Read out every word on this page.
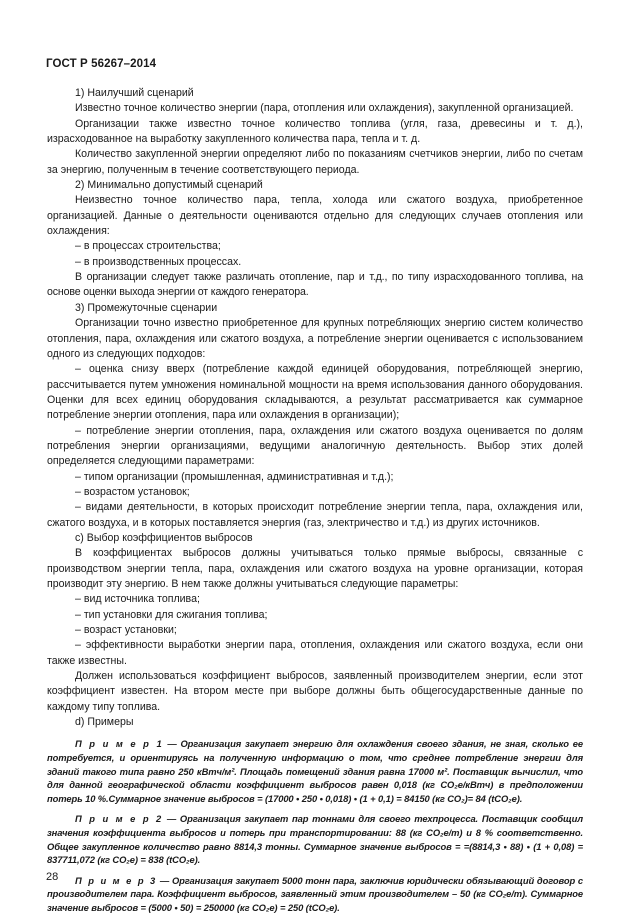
ГОСТ Р 56267–2014

1) Наилучший сценарий

Известно точное количество энергии (пара, отопления или охлаждения), закупленной организацией.

Организации также известно точное количество топлива (угля, газа, древесины и т. д.), израсходованное на выработку закупленного количества пара, тепла и т. д.

Количество закупленной энергии определяют либо по показаниям счетчиков энергии, либо по счетам за энергию, полученным в течение соответствующего периода.

2) Минимально допустимый сценарий

Неизвестно точное количество пара, тепла, холода или сжатого воздуха, приобретенное организацией. Данные о деятельности оцениваются отдельно для следующих случаев отопления или охлаждения:

– в процессах строительства;

– в производственных процессах.

В организации следует также различать отопление, пар и т.д., по типу израсходованного топлива, на основе оценки выхода энергии от каждого генератора.

3) Промежуточные сценарии

Организации точно известно приобретенное для крупных потребляющих энергию систем количество отопления, пара, охлаждения или сжатого воздуха, а потребление энергии оценивается с использованием одного из следующих подходов:

– оценка снизу вверх (потребление каждой единицей оборудования, потребляющей энергию, рассчитывается путем умножения номинальной мощности на время использования данного оборудования. Оценки для всех единиц оборудования складываются, а результат рассматривается как суммарное потребление энергии отопления, пара или охлаждения в организации);

– потребление энергии отопления, пара, охлаждения или сжатого воздуха оценивается по долям потребления энергии организациями, ведущими аналогичную деятельность. Выбор этих долей определяется следующими параметрами:

– типом организации (промышленная, административная и т.д.);

– возрастом установок;

– видами деятельности, в которых происходит потребление энергии тепла, пара, охлаждения или, сжатого воздуха, и в которых поставляется энергия (газ, электричество и т.д.) из других источников.

c) Выбор коэффициентов выбросов

В коэффициентах выбросов должны учитываться только прямые выбросы, связанные с производством энергии тепла, пара, охлаждения или сжатого воздуха на уровне организации, которая производит эту энергию. В нем также должны учитываться следующие параметры:

– вид источника топлива;

– тип установки для сжигания топлива;

– возраст установки;

– эффективности выработки энергии пара, отопления, охлаждения или сжатого воздуха, если они также известны.

Должен использоваться коэффициент выбросов, заявленный производителем энергии, если этот коэффициент известен. На втором месте при выборе должны быть общегосударственные данные по каждому типу топлива.

d) Примеры

П р и м е р 1 — Организация закупает энергию для охлаждения своего здания, не зная, сколько ее потребуется, и ориентируясь на полученную информацию о том, что среднее потребление энергии для зданий такого типа равно 250 кВтч/м². Площадь помещений здания равна 17000 м². Поставщик вычислил, что для данной географической области коэффициент выбросов равен 0,018 (кг CO₂е/кВтч) в предположении потерь 10 %.Суммарное значение выбросов = (17000 • 250 • 0,018) • (1 + 0,1) = 84150 (кг CO₂)= 84 (tCO₂е).

П р и м е р 2 — Организация закупает пар тоннами для своего техпроцесса. Поставщик сообщил значения коэффициента выбросов и потерь при транспортировании: 88 (кг CO₂е/т) и 8 % соответственно. Общее закупленное количество равно 8814,3 тонны. Суммарное значение выбросов = =(8814,3 • 88) • (1 + 0,08) = 837711,072 (кг CO₂е) = 838 (tCO₂е).

П р и м е р 3 — Организация закупает 5000 тонн пара, заключив юридически обязывающий договор с производителем пара. Коэффициент выбросов, заявленный этим производителем – 50 (кг CO₂е/т). Суммарное значение выбросов = (5000 • 50) = 250000 (кг CO₂е) = 250 (tCO₂е).

28
